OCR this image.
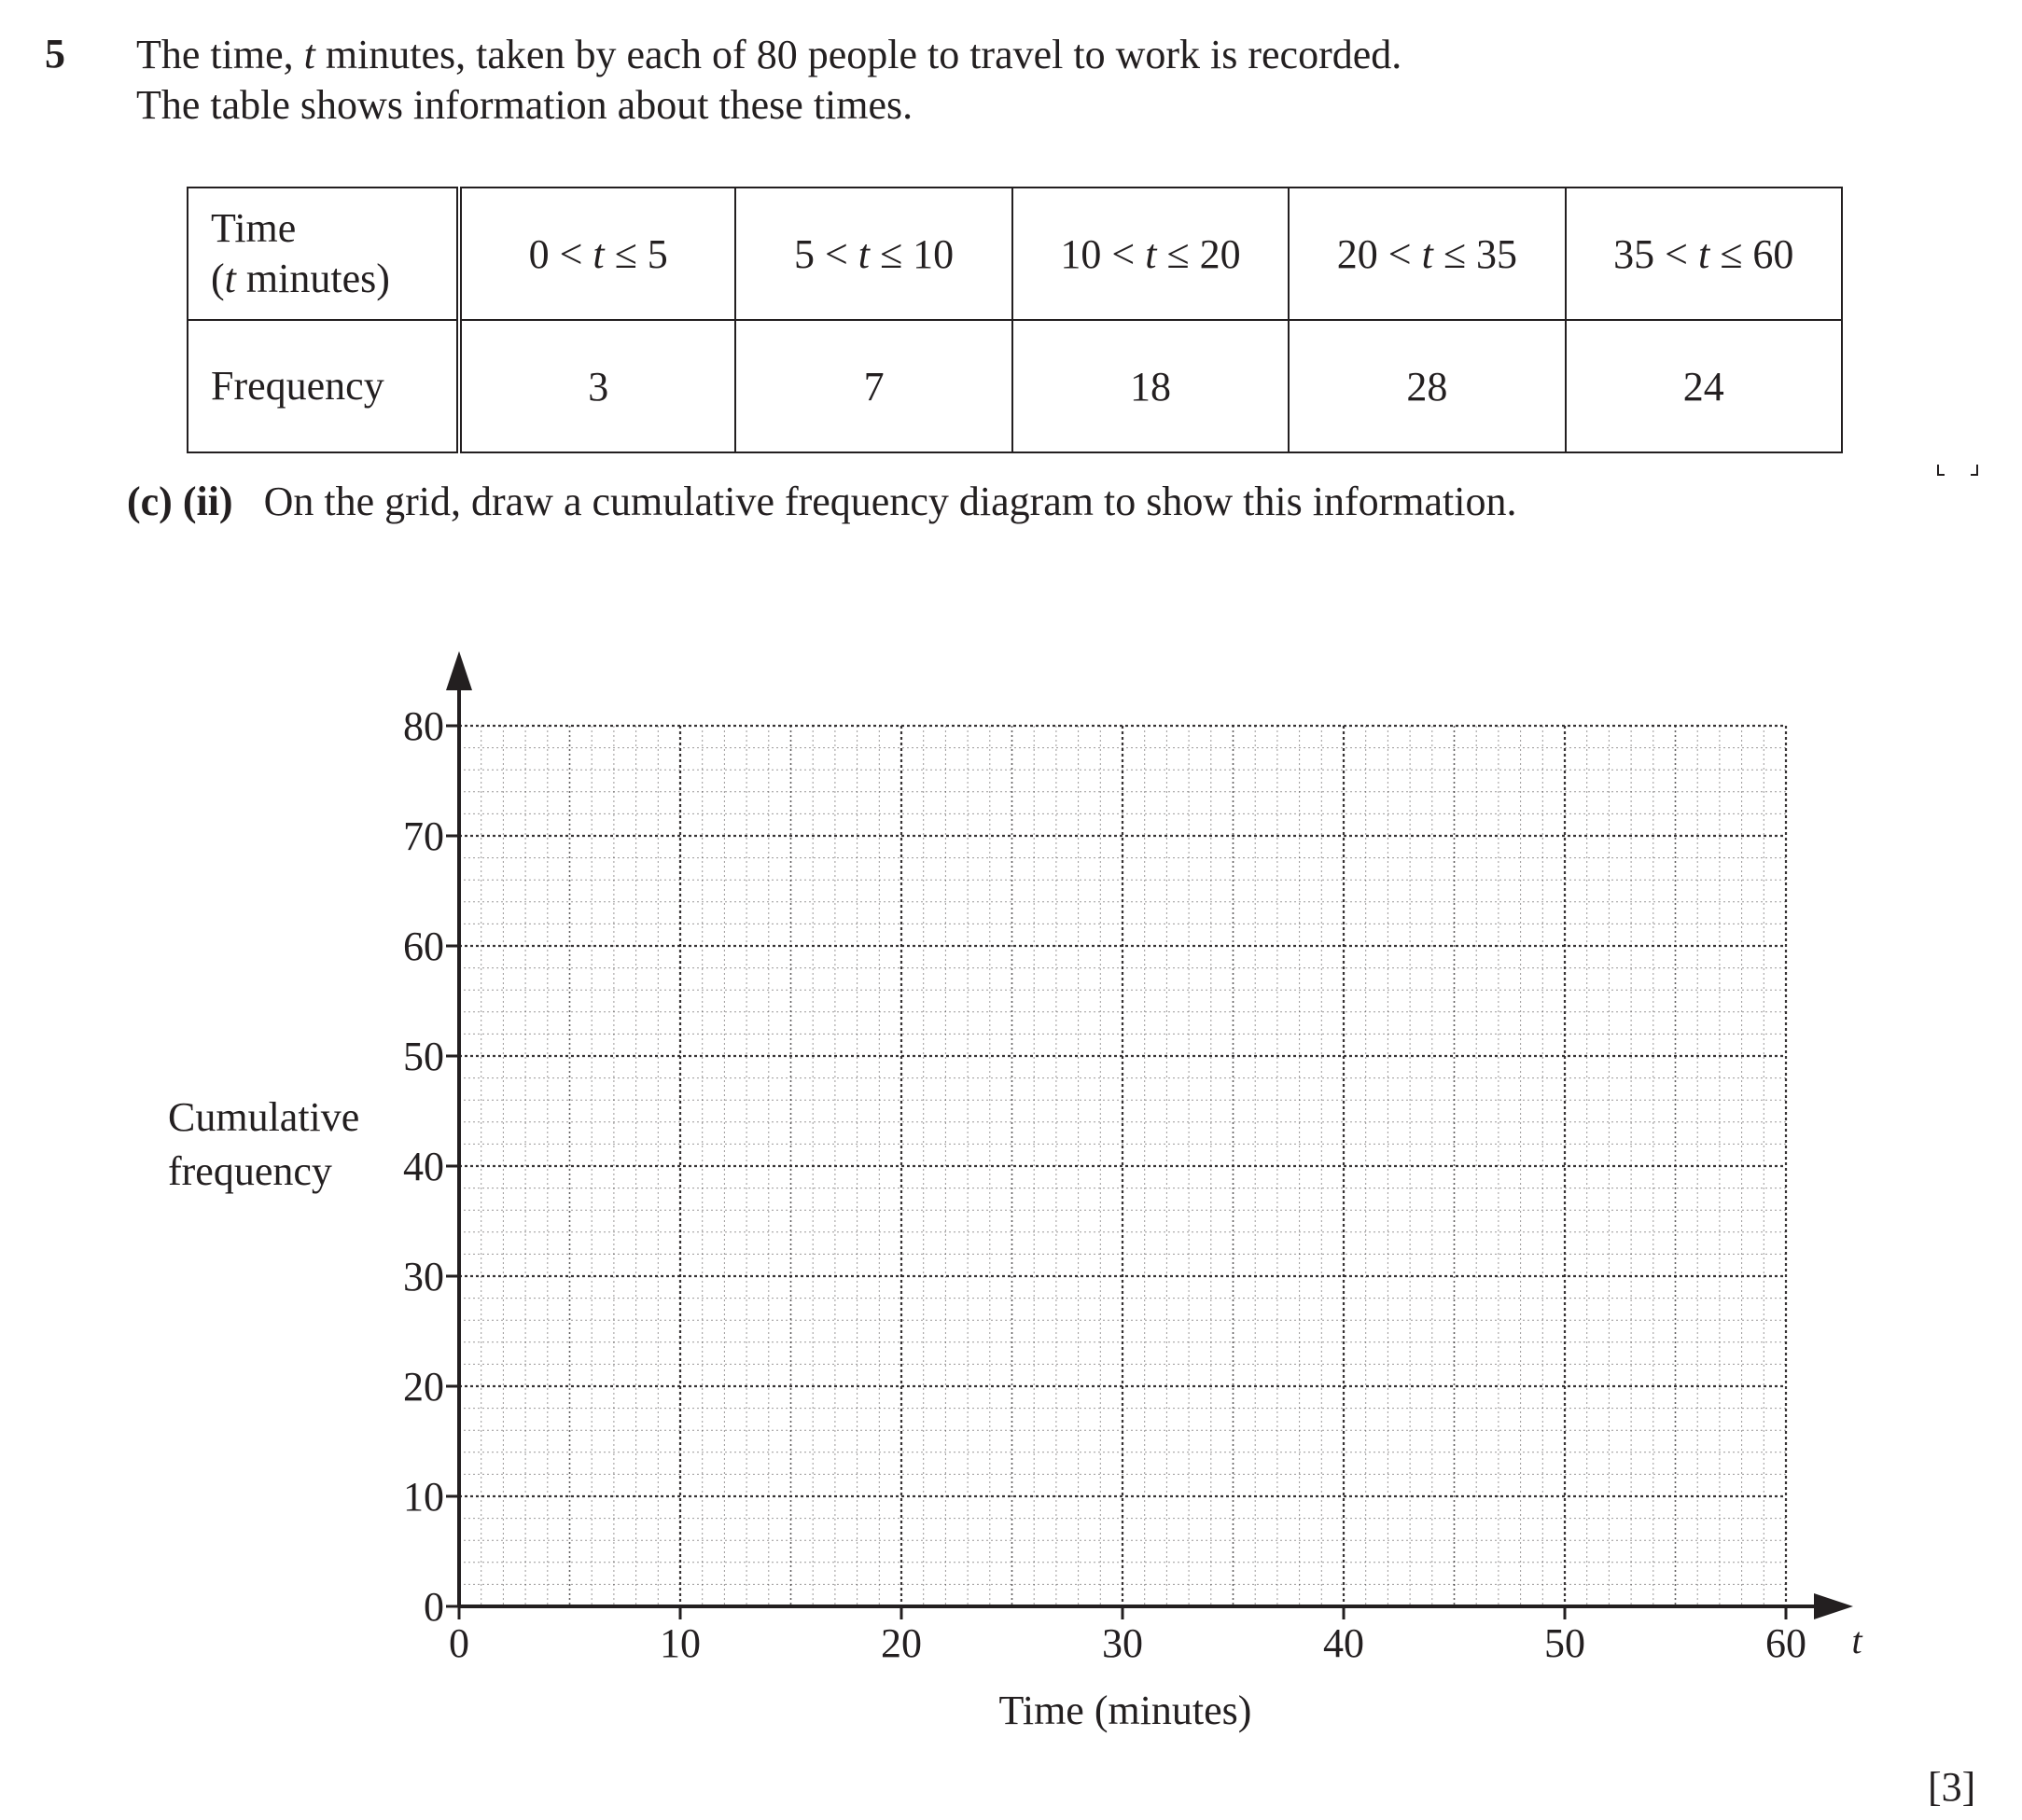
5 The time, t minutes, taken by each of 80 people to travel to work is recorded.
The table shows information about these times.
Time
(t minutes)	0 < t ≤ 5	5 < t ≤ 10	10 < t ≤ 20	20 < t ≤ 35	35 < t ≤ 60
Frequency	3	7	18	28	24
(c) (ii) On the grid, draw a cumulative frequency diagram to show this information.
0	10	20	30	40	50	60
0
10
20
30
40
50
60
70
80
Time (minutes)
t
Cumulative
frequency
[3]
